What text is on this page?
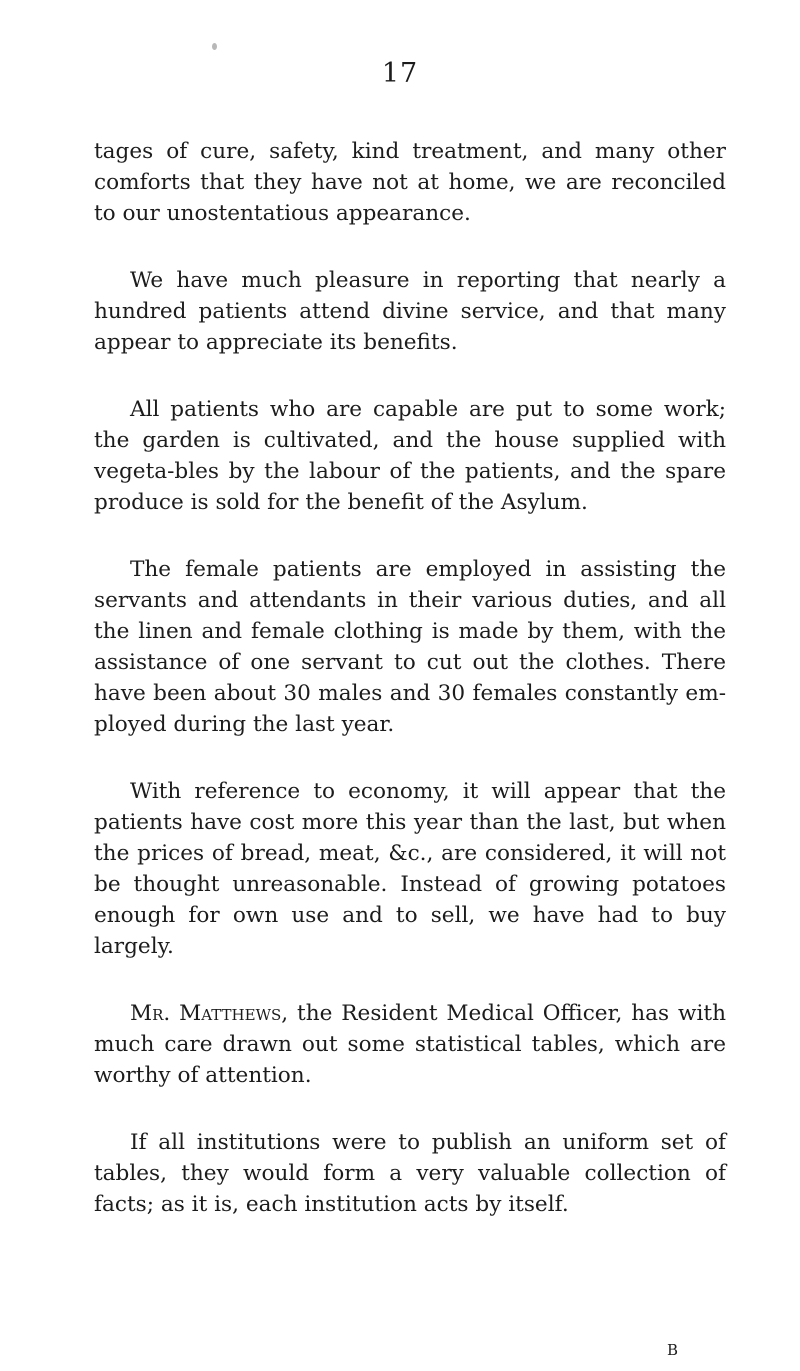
17

tages of cure, safety, kind treatment, and many other comforts that they have not at home, we are reconciled to our unostentatious appearance.

We have much pleasure in reporting that nearly a hundred patients attend divine service, and that many appear to appreciate its benefits.

All patients who are capable are put to some work; the garden is cultivated, and the house supplied with vegeta-bles by the labour of the patients, and the spare produce is sold for the benefit of the Asylum.

The female patients are employed in assisting the servants and attendants in their various duties, and all the linen and female clothing is made by them, with the assistance of one servant to cut out the clothes. There have been about 30 males and 30 females constantly em-ployed during the last year.

With reference to economy, it will appear that the patients have cost more this year than the last, but when the prices of bread, meat, &c., are considered, it will not be thought unreasonable. Instead of growing potatoes enough for own use and to sell, we have had to buy largely.

Mr. Matthews, the Resident Medical Officer, has with much care drawn out some statistical tables, which are worthy of attention.

If all institutions were to publish an uniform set of tables, they would form a very valuable collection of facts; as it is, each institution acts by itself.

B
